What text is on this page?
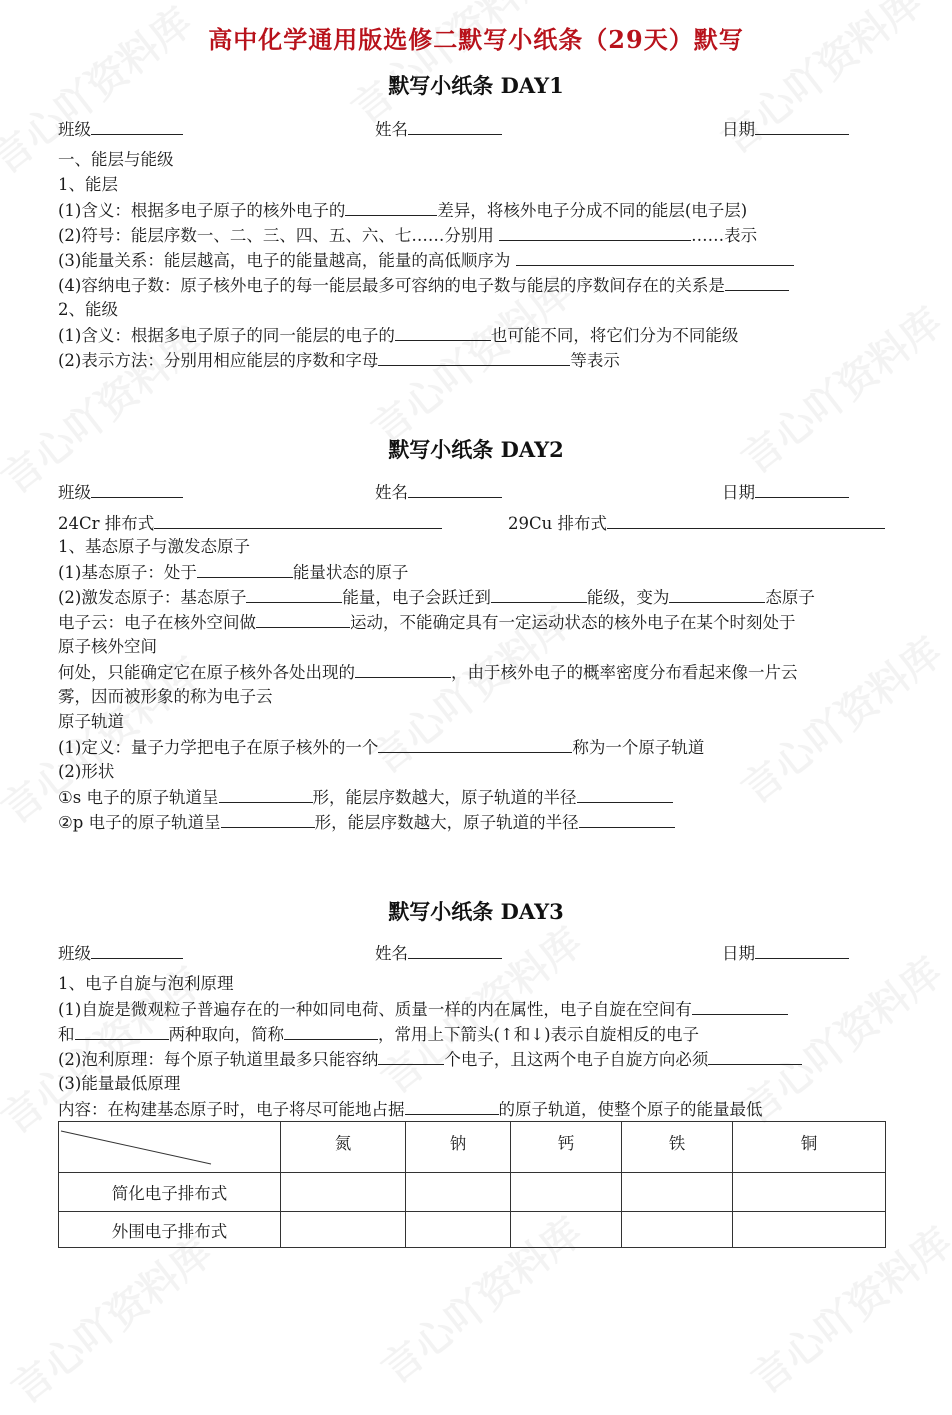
高中化学通用版选修二默写小纸条（29天）默写
默写小纸条 DAY1
班级	姓名	日期
一、能层与能级
1、能层
(1)含义：根据多电子原子的核外电子的	差异，将核外电子分成不同的能层(电子层)
(2)符号：能层序数一、二、三、四、五、六、七……分别用	……表示
(3)能量关系：能层越高，电子的能量越高，能量的高低顺序为
(4)容纳电子数：原子核外电子的每一能层最多可容纳的电子数与能层的序数间存在的关系是
2、能级
(1)含义：根据多电子原子的同一能层的电子的	也可能不同，将它们分为不同能级
(2)表示方法：分别用相应能层的序数和字母	等表示
默写小纸条 DAY2
班级	姓名	日期
24Cr 排布式	29Cu 排布式
1、基态原子与激发态原子
(1)基态原子：处于	能量状态的原子
(2)激发态原子：基态原子	能量，电子会跃迁到	能级，变为	态原子
电子云：电子在核外空间做	运动，不能确定具有一定运动状态的核外电子在某个时刻处于
原子核外空间
何处，只能确定它在原子核外各处出现的	，由于核外电子的概率密度分布看起来像一片云
雾，因而被形象的称为电子云
原子轨道
(1)定义：量子力学把电子在原子核外的一个	称为一个原子轨道
(2)形状
①s 电子的原子轨道呈	形，能层序数越大，原子轨道的半径
②p 电子的原子轨道呈	形，能层序数越大，原子轨道的半径
默写小纸条 DAY3
班级	姓名	日期
1、电子自旋与泡利原理
(1)自旋是微观粒子普遍存在的一种如同电荷、质量一样的内在属性，电子自旋在空间有
和	两种取向，简称	，常用上下箭头(↑和↓)表示自旋相反的电子
(2)泡利原理：每个原子轨道里最多只能容纳	个电子，且这两个电子自旋方向必须
(3)能量最低原理
内容：在构建基态原子时，电子将尽可能地占据	的原子轨道，使整个原子的能量最低
	氮	钠	钙	铁	铜
简化电子排布式					
外围电子排布式					
